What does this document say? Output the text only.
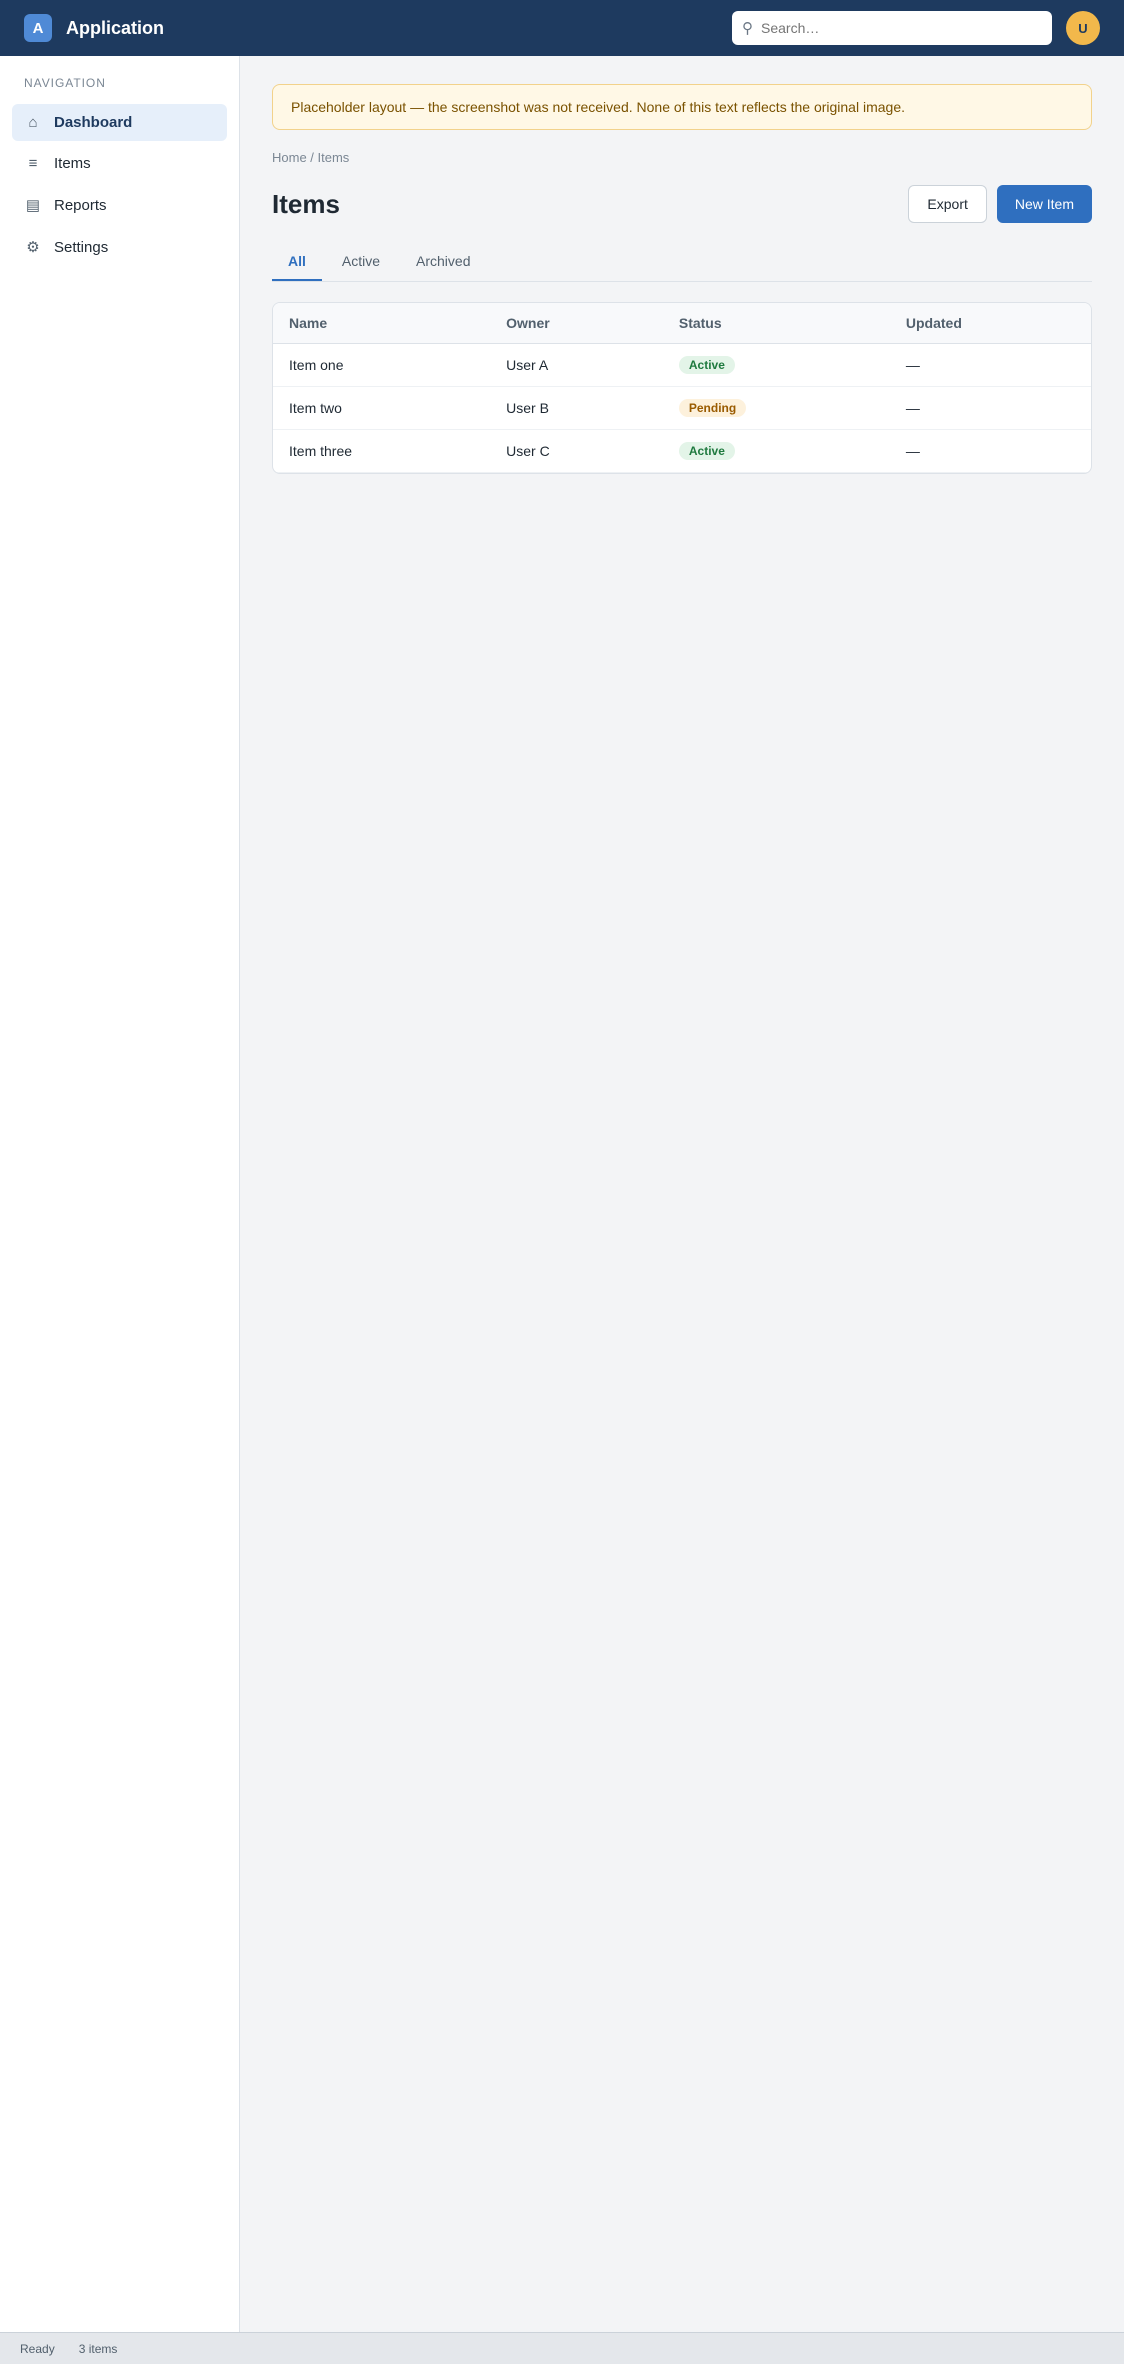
A	Application	⚲
Search…	U
NAVIGATION
⌂ Dashboard
≡	Items
▤ Reports
⚙ Settings
Placeholder layout — the screenshot was not received. None of this text reflects the original image.
Home / Items
Items	Export	New Item
All	Active	Archived
Name	Owner	Status	Updated
Item one	User A	Active	—
Item two	User B	Pending	—
Item three	User C	Active	—
Ready 3 items
